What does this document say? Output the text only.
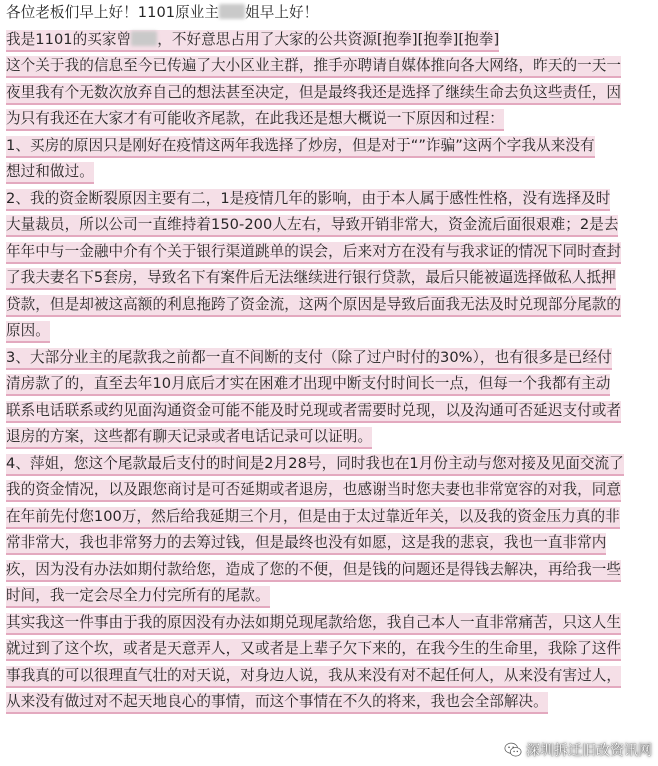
各位老板们早上好！1101原业主 姐早上好！
我是1101的买家曾 ，不好意思占用了大家的公共资源[抱拳][抱拳][抱拳]
这个关于我的信息至今已传遍了大小区业主群，推手亦聘请自媒体推向各大网络，昨天的一天一
夜里我有个无数次放弃自己的想法甚至决定，但是最终我还是选择了继续生命去负这些责任，因
为只有我还在大家才有可能收齐尾款，在此我还是想大概说一下原因和过程：
1、买房的原因只是刚好在疫情这两年我选择了炒房，但是对于“”诈骗”这两个字我从来没有
想过和做过。
2、我的资金断裂原因主要有二，1是疫情几年的影响，由于本人属于感性性格，没有选择及时
大量裁员，所以公司一直维持着150-200人左右，导致开销非常大，资金流后面很艰难；2是去
年年中与一金融中介有个关于银行渠道跳单的误会，后来对方在没有与我求证的情况下同时查封
了我夫妻名下5套房，导致名下有案件后无法继续进行银行贷款，最后只能被逼选择做私人抵押
贷款，但是却被这高额的利息拖跨了资金流，这两个原因是导致后面我无法及时兑现部分尾款的
原因。
3、大部分业主的尾款我之前都一直不间断的支付（除了过户时付的30%），也有很多是已经付
清房款了的，直至去年10月底后才实在困难才出现中断支付时间长一点，但每一个我都有主动
联系电话联系或约见面沟通资金可能不能及时兑现或者需要时兑现，以及沟通可否延迟支付或者
退房的方案，这些都有聊天记录或者电话记录可以证明。
4、萍姐，您这个尾款最后支付的时间是2月28号，同时我也在1月份主动与您对接及见面交流了
我的资金情况，以及跟您商讨是可否延期或者退房，也感谢当时您夫妻也非常宽容的对我，同意
在年前先付您100万，然后给我延期三个月，但是由于太过靠近年关，以及我的资金压力真的非
常非常大，我也非常努力的去筹过钱，但是最终也没有如愿，这是我的悲哀，我也一直非常内
疚，因为没有办法如期付款给您，造成了您的不便，但是钱的问题还是得钱去解决，再给我一些
时间，我一定会尽全力付完所有的尾款。
其实我这一件事由于我的原因没有办法如期兑现尾款给您，我自己本人一直非常痛苦，只这人生
就过到了这个坎，或者是天意弄人，又或者是上辈子欠下来的，在我今生的生命里，我除了这件
事我真的可以很理直气壮的对天说，对身边人说，我从来没有对不起任何人，从来没有害过人，
从来没有做过对不起天地良心的事情，而这个事情在不久的将来，我也会全部解决。
深圳拆迁旧改资讯网
